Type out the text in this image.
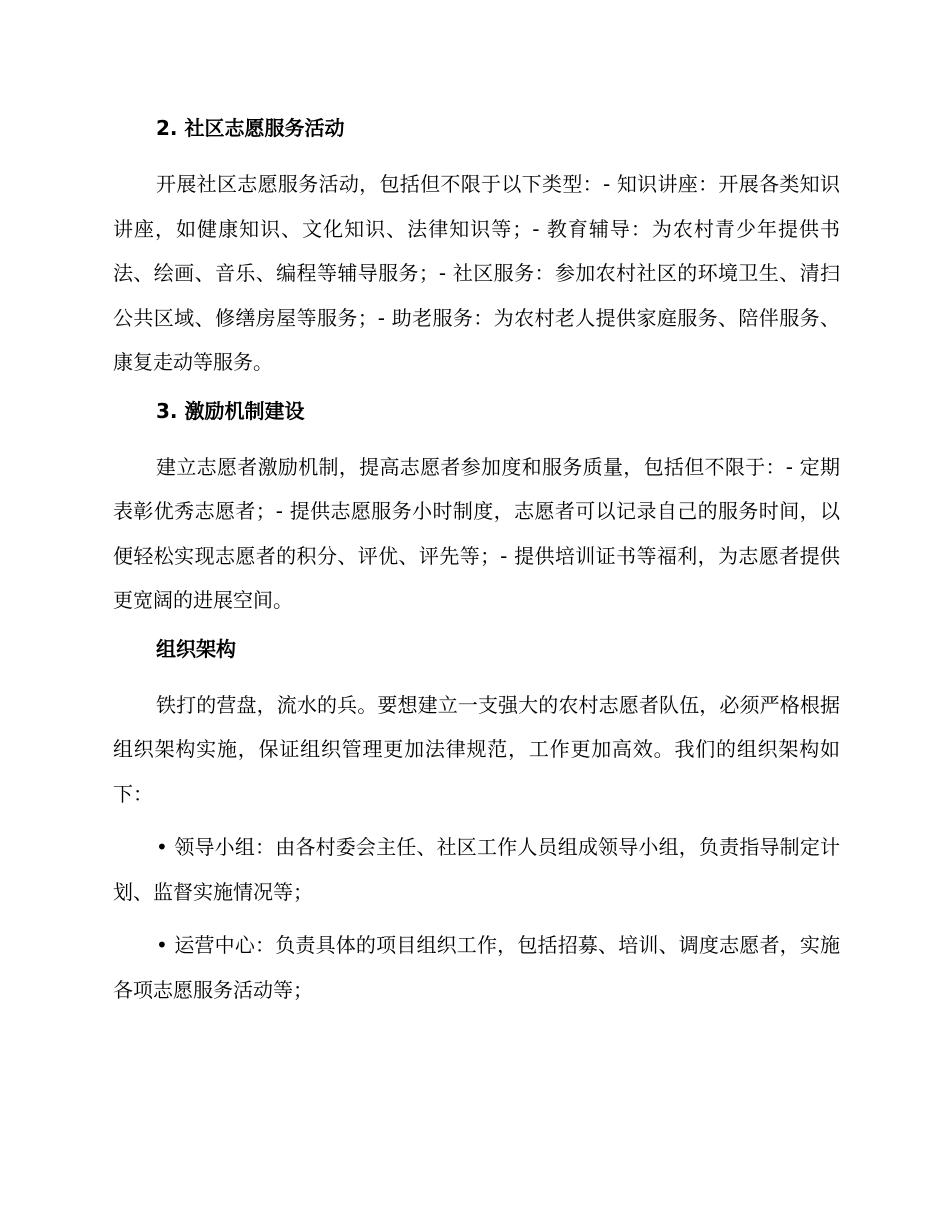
2. 社区志愿服务活动

开展社区志愿服务活动，包括但不限于以下类型：- 知识讲座：开展各类知识讲座，如健康知识、文化知识、法律知识等；- 教育辅导：为农村青少年提供书法、绘画、音乐、编程等辅导服务；- 社区服务：参加农村社区的环境卫生、清扫公共区域、修缮房屋等服务；- 助老服务：为农村老人提供家庭服务、陪伴服务、康复走动等服务。

3. 激励机制建设

建立志愿者激励机制，提高志愿者参加度和服务质量，包括但不限于：- 定期表彰优秀志愿者；- 提供志愿服务小时制度，志愿者可以记录自己的服务时间，以便轻松实现志愿者的积分、评优、评先等；- 提供培训证书等福利，为志愿者提供更宽阔的进展空间。

组织架构

铁打的营盘，流水的兵。要想建立一支强大的农村志愿者队伍，必须严格根据组织架构实施，保证组织管理更加法律规范，工作更加高效。我们的组织架构如下：

• 领导小组：由各村委会主任、社区工作人员组成领导小组，负责指导制定计划、监督实施情况等；

• 运营中心：负责具体的项目组织工作，包括招募、培训、调度志愿者，实施各项志愿服务活动等；
